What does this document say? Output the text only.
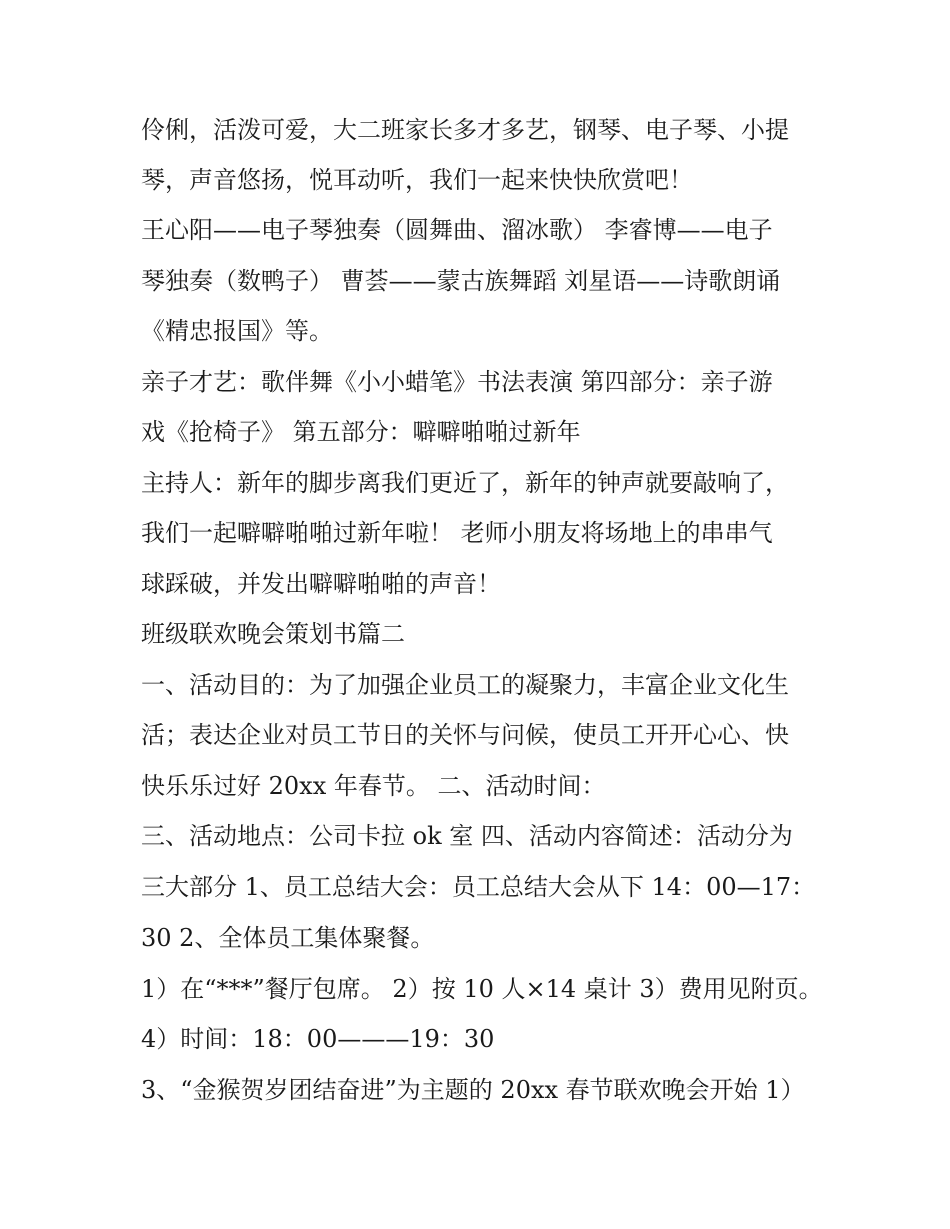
伶俐，活泼可爱，大二班家长多才多艺，钢琴、电子琴、小提
琴，声音悠扬，悦耳动听，我们一起来快快欣赏吧！
王心阳——电子琴独奏（圆舞曲、溜冰歌） 李睿博——电子
琴独奏（数鸭子） 曹荟——蒙古族舞蹈 刘星语——诗歌朗诵
《精忠报国》等。
亲子才艺：歌伴舞《小小蜡笔》书法表演 第四部分：亲子游
戏《抢椅子》 第五部分：噼噼啪啪过新年
主持人：新年的脚步离我们更近了，新年的钟声就要敲响了，
我们一起噼噼啪啪过新年啦！ 老师小朋友将场地上的串串气
球踩破，并发出噼噼啪啪的声音！
班级联欢晚会策划书篇二
一、活动目的：为了加强企业员工的凝聚力，丰富企业文化生
活；表达企业对员工节日的关怀与问候，使员工开开心心、快
快乐乐过好 20xx 年春节。 二、活动时间：
三、活动地点：公司卡拉 ok 室 四、活动内容简述：活动分为
三大部分 1、员工总结大会：员工总结大会从下 14：00—17：
30 2、全体员工集体聚餐。
1）在“***”餐厅包席。 2）按 10 人×14 桌计 3）费用见附页。
4）时间：18：00———19：30
3、“金猴贺岁团结奋进”为主题的 20xx 春节联欢晚会开始 1）
